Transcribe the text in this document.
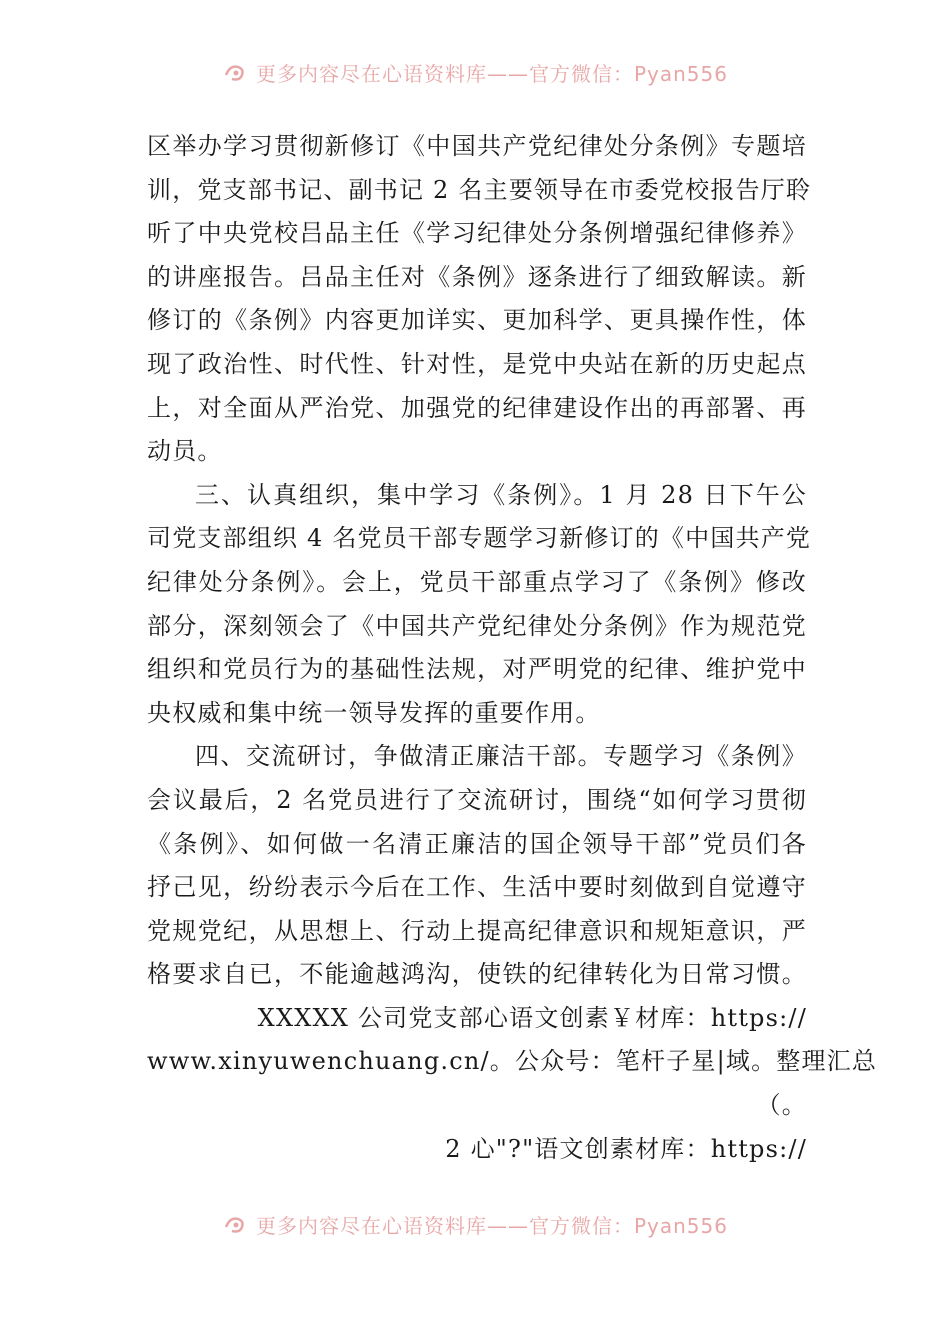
更多内容尽在心语资料库——官方微信：Pyan556
区举办学习贯彻新修订《中国共产党纪律处分条例》专题培
训，党支部书记、副书记 2 名主要领导在市委党校报告厅聆
听了中央党校吕品主任《学习纪律处分条例增强纪律修养》
的讲座报告。吕品主任对《条例》逐条进行了细致解读。新
修订的《条例》内容更加详实、更加科学、更具操作性，体
现了政治性、时代性、针对性，是党中央站在新的历史起点
上，对全面从严治党、加强党的纪律建设作出的再部署、再
动员。
三、认真组织，集中学习《条例》。1 月 28 日下午公
司党支部组织 4 名党员干部专题学习新修订的《中国共产党
纪律处分条例》。会上，党员干部重点学习了《条例》修改
部分，深刻领会了《中国共产党纪律处分条例》作为规范党
组织和党员行为的基础性法规，对严明党的纪律、维护党中
央权威和集中统一领导发挥的重要作用。
四、交流研讨，争做清正廉洁干部。专题学习《条例》
会议最后，2 名党员进行了交流研讨，围绕“如何学习贯彻
《条例》、如何做一名清正廉洁的国企领导干部”党员们各
抒己见，纷纷表示今后在工作、生活中要时刻做到自觉遵守
党规党纪，从思想上、行动上提高纪律意识和规矩意识，严
格要求自已，不能逾越鸿沟，使铁的纪律转化为日常习惯。
XXXXX 公司党支部心语文创素￥材库：https://
www.xinyuwenchuang.cn/。公众号：笔杆子星|域。整理汇总
（。
2 心"?"语文创素材库：https://
更多内容尽在心语资料库——官方微信：Pyan556
